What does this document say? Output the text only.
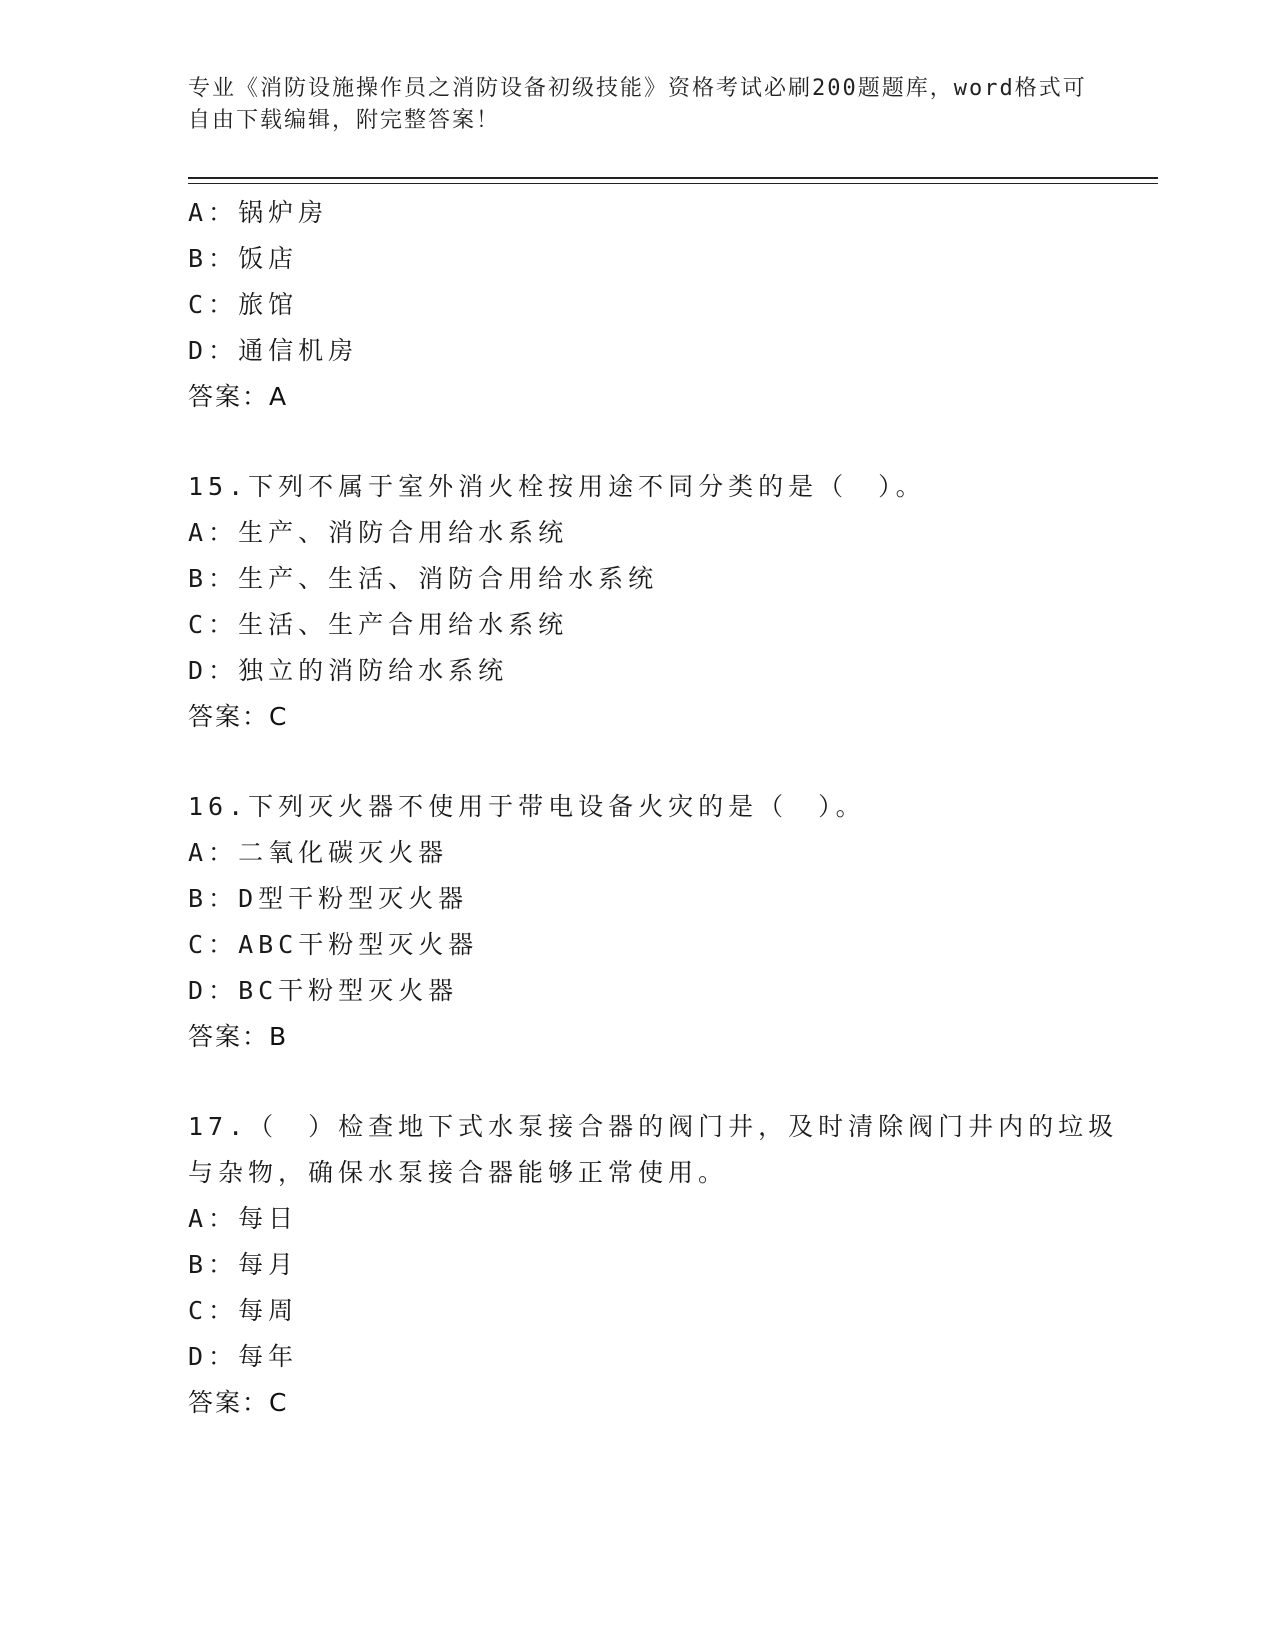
专业《消防设施操作员之消防设备初级技能》资格考试必刷200题题库，word格式可自由下载编辑，附完整答案！
A：锅炉房
B：饭店
C：旅馆
D：通信机房
答案：A
15.下列不属于室外消火栓按用途不同分类的是（　）。
A：生产、消防合用给水系统
B：生产、生活、消防合用给水系统
C：生活、生产合用给水系统
D：独立的消防给水系统
答案：C
16.下列灭火器不使用于带电设备火灾的是（　）。
A：二氧化碳灭火器
B：D型干粉型灭火器
C：ABC干粉型灭火器
D：BC干粉型灭火器
答案：B
17.（　）检查地下式水泵接合器的阀门井，及时清除阀门井内的垃圾与杂物，确保水泵接合器能够正常使用。
A：每日
B：每月
C：每周
D：每年
答案：C
